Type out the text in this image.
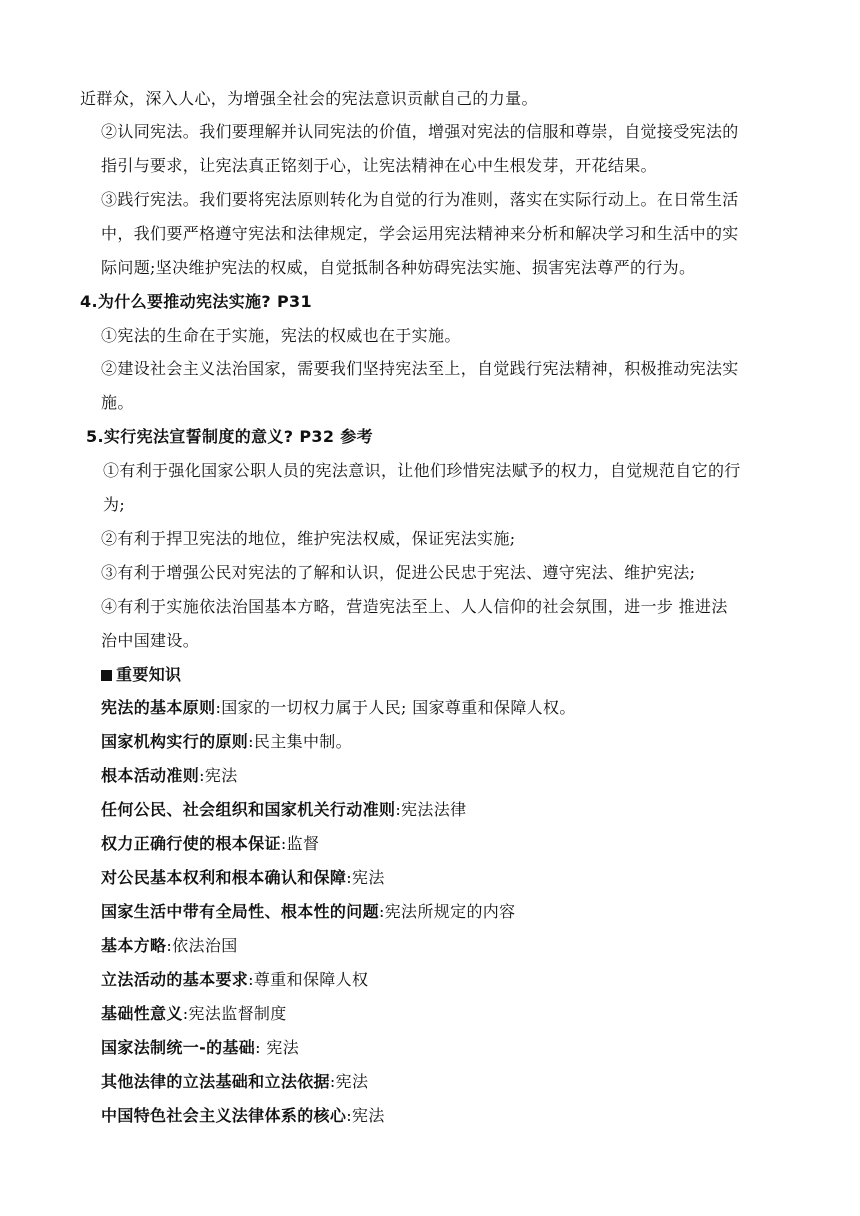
近群众，深入人心，为增强全社会的宪法意识贡献自己的力量。
②认同宪法。我们要理解并认同宪法的价值，增强对宪法的信服和尊崇，自觉接受宪法的
指引与要求，让宪法真正铭刻于心，让宪法精神在心中生根发芽，开花结果。
③践行宪法。我们要将宪法原则转化为自觉的行为准则，落实在实际行动上。在日常生活
中，我们要严格遵守宪法和法律规定，学会运用宪法精神来分析和解决学习和生活中的实
际问题;坚决维护宪法的权威，自觉抵制各种妨碍宪法实施、损害宪法尊严的行为。
4.为什么要推动宪法实施? P31
①宪法的生命在于实施，宪法的权威也在于实施。
②建设社会主义法治国家，需要我们坚持宪法至上，自觉践行宪法精神，积极推动宪法实
施。
5.实行宪法宣誓制度的意义? P32 参考
①有利于强化国家公职人员的宪法意识，让他们珍惜宪法赋予的权力，自觉规范自它的行
为;
②有利于捍卫宪法的地位，维护宪法权威，保证宪法实施;
③有利于增强公民对宪法的了解和认识，促进公民忠于宪法、遵守宪法、维护宪法;
④有利于实施依法治国基本方略，营造宪法至上、人人信仰的社会氛围，进一步 推进法
治中国建设。
重要知识
宪法的基本原则:国家的一切权力属于人民; 国家尊重和保障人权。
国家机构实行的原则:民主集中制。
根本活动准则:宪法
任何公民、社会组织和国家机关行动准则:宪法法律
权力正确行使的根本保证:监督
对公民基本权利和根本确认和保障:宪法
国家生活中带有全局性、根本性的问题:宪法所规定的内容
基本方略:依法治国
立法活动的基本要求:尊重和保障人权
基础性意义:宪法监督制度
国家法制统一-的基础: 宪法
其他法律的立法基础和立法依据:宪法
中国特色社会主义法律体系的核心:宪法
